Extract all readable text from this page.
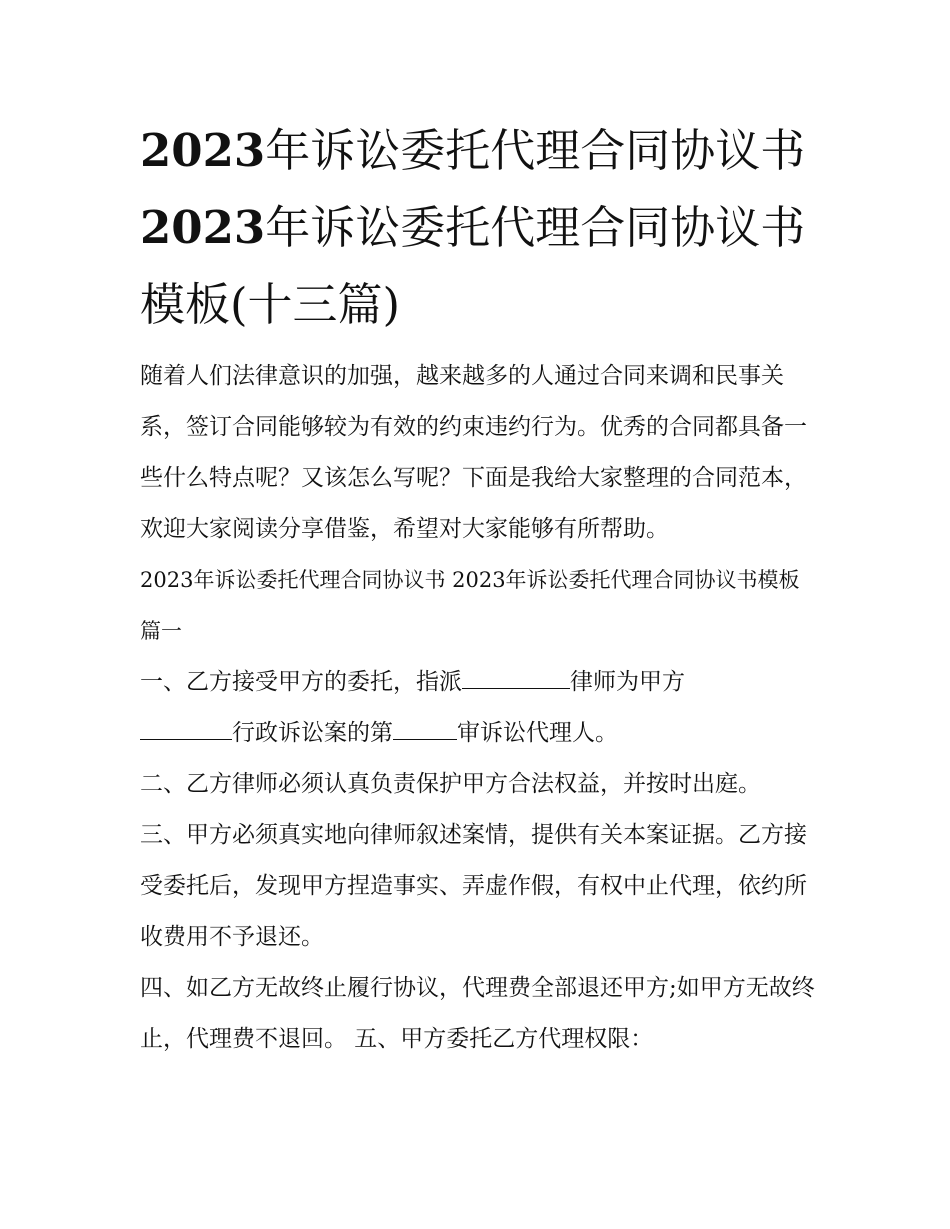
2023年诉讼委托代理合同协议书 2023年诉讼委托代理合同协议书模板(十三篇)

随着人们法律意识的加强，越来越多的人通过合同来调和民事关系，签订合同能够较为有效的约束违约行为。优秀的合同都具备一些什么特点呢？又该怎么写呢？下面是我给大家整理的合同范本，欢迎大家阅读分享借鉴，希望对大家能够有所帮助。

2023年诉讼委托代理合同协议书 2023年诉讼委托代理合同协议书模板篇一

一、乙方接受甲方的委托，指派	律师为甲方
行政诉讼案的第	审诉讼代理人。

二、乙方律师必须认真负责保护甲方合法权益，并按时出庭。

三、甲方必须真实地向律师叙述案情，提供有关本案证据。乙方接受委托后，发现甲方捏造事实、弄虚作假，有权中止代理，依约所收费用不予退还。

四、如乙方无故终止履行协议，代理费全部退还甲方;如甲方无故终止，代理费不退回。 五、甲方委托乙方代理权限：
